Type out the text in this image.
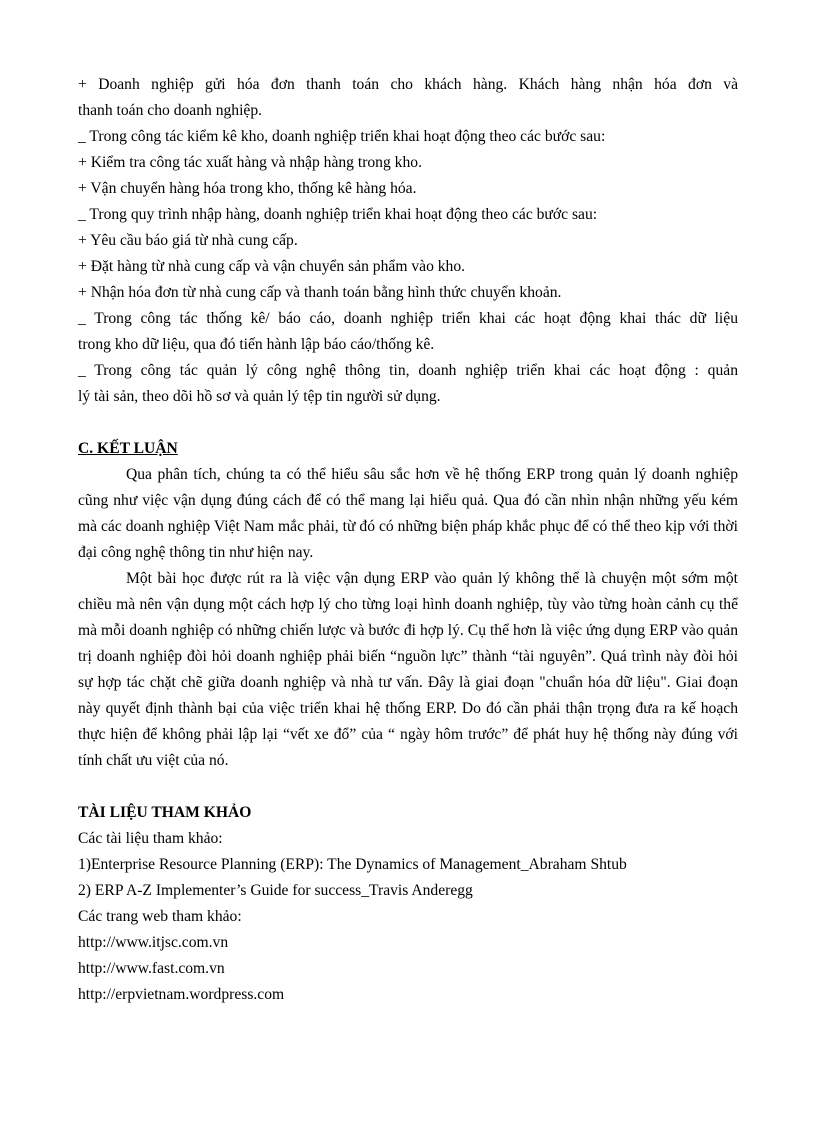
+ Doanh nghiệp gửi hóa đơn thanh toán cho khách hàng. Khách hàng nhận hóa đơn và
thanh toán cho doanh nghiệp.
_ Trong công tác kiểm kê kho, doanh nghiệp triển khai hoạt động theo các bước sau:
+ Kiểm tra công tác xuất hàng và nhập hàng trong kho.
+ Vận chuyển hàng hóa trong kho, thống kê hàng hóa.
_ Trong quy trình nhập hàng, doanh nghiệp triển khai hoạt động theo các bước sau:
+ Yêu cầu báo giá từ nhà cung cấp.
+ Đặt hàng từ nhà cung cấp và vận chuyển sản phẩm vào kho.
+ Nhận hóa đơn từ nhà cung cấp và thanh toán bằng hình thức chuyển khoản.
_ Trong công tác thống kê/ báo cáo, doanh nghiệp triển khai các hoạt động khai thác dữ liệu
trong kho dữ liệu, qua đó tiến hành lập báo cáo/thống kê.
_ Trong công tác quản lý công nghệ thông tin, doanh nghiệp triển khai các hoạt động : quản
lý tài sản, theo dõi hồ sơ và quản lý tệp tin người sử dụng.
C. KẾT LUẬN

Qua phân tích, chúng ta có thể hiểu sâu sắc hơn về hệ thống ERP trong quản lý doanh nghiệp cũng như việc vận dụng đúng cách để có thể mang lại hiểu quả. Qua đó cần nhìn nhận những yếu kém mà các doanh nghiệp Việt Nam mắc phải, từ đó có những biện pháp khắc phục để có thể theo kịp với thời đại công nghệ thông tin như hiện nay.

Một bài học được rút ra là việc vận dụng ERP vào quản lý không thể là chuyện một sớm một chiều mà nên vận dụng một cách hợp lý cho từng loại hình doanh nghiệp, tùy vào từng hoàn cảnh cụ thể mà mỗi doanh nghiệp có những chiến lược và bước đi hợp lý. Cụ thể hơn là việc ứng dụng ERP vào quản trị doanh nghiệp đòi hỏi doanh nghiệp phải biến “nguồn lực” thành “tài nguyên”. Quá trình này đòi hỏi sự hợp tác chặt chẽ giữa doanh nghiệp và nhà tư vấn. Đây là giai đoạn "chuẩn hóa dữ liệu". Giai đoạn này quyết định thành bại của việc triển khai hệ thống ERP. Do đó cần phải thận trọng đưa ra kế hoạch thực hiện để không phải lập lại “vết xe đổ” của “ ngày hôm trước” để phát huy hệ thống này đúng với tính chất ưu việt của nó.

TÀI LIỆU THAM KHẢO
Các tài liệu tham khảo:
1)Enterprise Resource Planning (ERP): The Dynamics of Management_Abraham Shtub
2) ERP A-Z Implementer’s Guide for success_Travis Anderegg
Các trang web tham khảo:
http://www.itjsc.com.vn
http://www.fast.com.vn
http://erpvietnam.wordpress.com
